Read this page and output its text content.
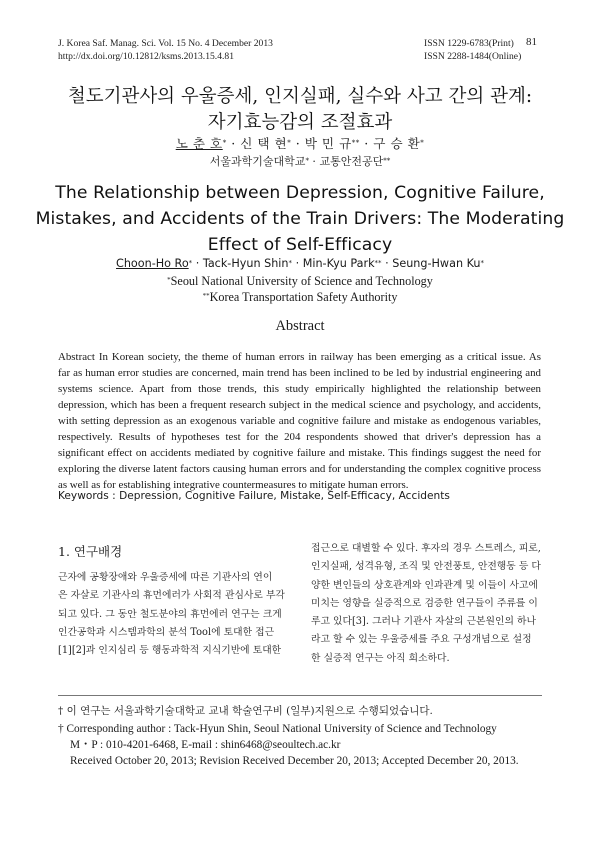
J. Korea Saf. Manag. Sci. Vol. 15 No. 4 December 2013
http://dx.doi.org/10.12812/ksms.2013.15.4.81
ISSN 1229-6783(Print)
ISSN 2288-1484(Online)
81
철도기관사의 우울증세, 인지실패, 실수와 사고 간의 관계:
자기효능감의 조절효과
노 춘 호* · 신 택 현* · 박 민 규** · 구 승 환*
서울과학기술대학교* · 교통안전공단**
The Relationship between Depression, Cognitive Failure,
Mistakes, and Accidents of the Train Drivers: The Moderating
Effect of Self-Efficacy
Choon-Ho Ro* · Tack-Hyun Shin* · Min-Kyu Park** · Seung-Hwan Ku*
*Seoul National University of Science and Technology
**Korea Transportation Safety Authority
Abstract
Abstract In Korean society, the theme of human errors in railway has been emerging as a critical issue. As
far as human error studies are concerned, main trend has been inclined to be led by industrial engineering and
systems science. Apart from those trends, this study empirically highlighted the relationship between
depression, which has been a frequent research subject in the medical science and psychology, and accidents,
with setting depression as an exogenous variable and cognitive failure and mistake as endogenous variables,
respectively. Results of hypotheses test for the 204 respondents showed that driver's depression has a
significant effect on accidents mediated by cognitive failure and mistake. This findings suggest the need for
exploring the diverse latent factors causing human errors and for understanding the complex cognitive process
as well as for establishing integrative countermeasures to mitigate human errors.
Keywords : Depression, Cognitive Failure, Mistake, Self-Efficacy, Accidents
1. 연구배경
근자에 공황장애와 우울증세에 따른 기관사의 연이
은 자살로 기관사의 휴먼에러가 사회적 관심사로 부각
되고 있다. 그 동안 철도분야의 휴먼에러 연구는 크게
인간공학과 시스템과학의 분석 Tool에 토대한 접근
[1][2]과 인지심리 등 행동과학적 지식기반에 토대한
접근으로 대별할 수 있다. 후자의 경우 스트레스, 피로,
인지실패, 성격유형, 조직 및 안전풍토, 안전행동 등 다
양한 변인들의 상호관계와 인과관계 및 이들이 사고에
미치는 영향을 실증적으로 검증한 연구들이 주류를 이
루고 있다[3]. 그러나 기관사 자살의 근본원인의 하나
라고 할 수 있는 우울증세를 주요 구성개념으로 설정
한 실증적 연구는 아직 희소하다.
† 이 연구는 서울과학기술대학교 교내 학술연구비 (일부)지원으로 수행되었습니다.
† Corresponding author : Tack-Hyun Shin, Seoul National University of Science and Technology
M・P : 010-4201-6468, E-mail : shin6468@seoultech.ac.kr
Received October 20, 2013; Revision Received December 20, 2013; Accepted December 20, 2013.
